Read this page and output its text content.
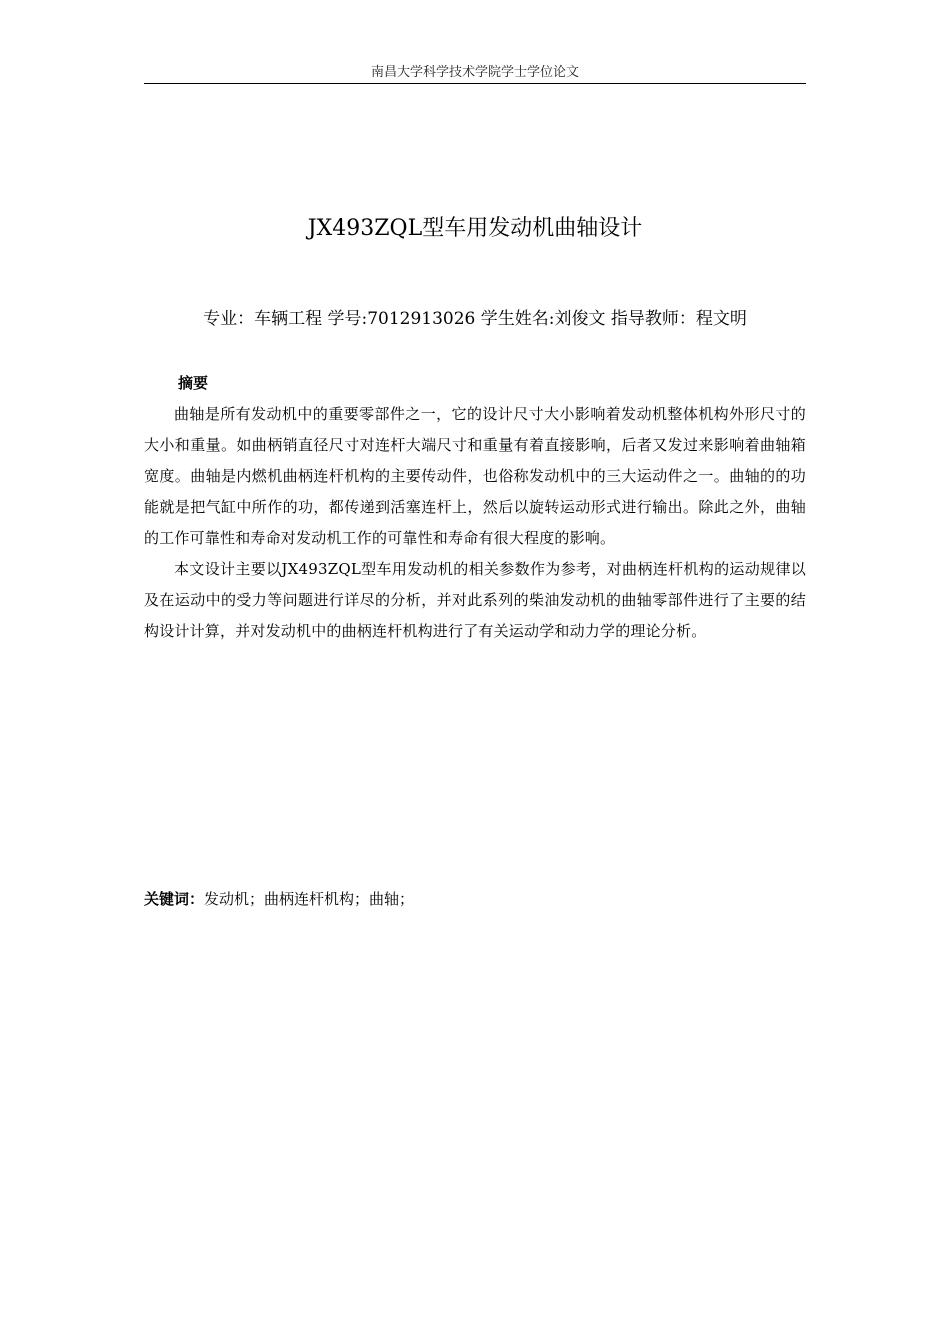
南昌大学科学技术学院学士学位论文
JX493ZQL型车用发动机曲轴设计
专业：车辆工程 学号:7012913026 学生姓名:刘俊文 指导教师：程文明
摘要

曲轴是所有发动机中的重要零部件之一，它的设计尺寸大小影响着发动机整体机构外形尺寸的大小和重量。如曲柄销直径尺寸对连杆大端尺寸和重量有着直接影响，后者又发过来影响着曲轴箱宽度。曲轴是内燃机曲柄连杆机构的主要传动件，也俗称发动机中的三大运动件之一。曲轴的的功能就是把气缸中所作的功，都传递到活塞连杆上，然后以旋转运动形式进行输出。除此之外，曲轴的工作可靠性和寿命对发动机工作的可靠性和寿命有很大程度的影响。

本文设计主要以JX493ZQL型车用发动机的相关参数作为参考，对曲柄连杆机构的运动规律以及在运动中的受力等问题进行详尽的分析，并对此系列的柴油发动机的曲轴零部件进行了主要的结构设计计算，并对发动机中的曲柄连杆机构进行了有关运动学和动力学的理论分析。

关键词：发动机；曲柄连杆机构；曲轴；
